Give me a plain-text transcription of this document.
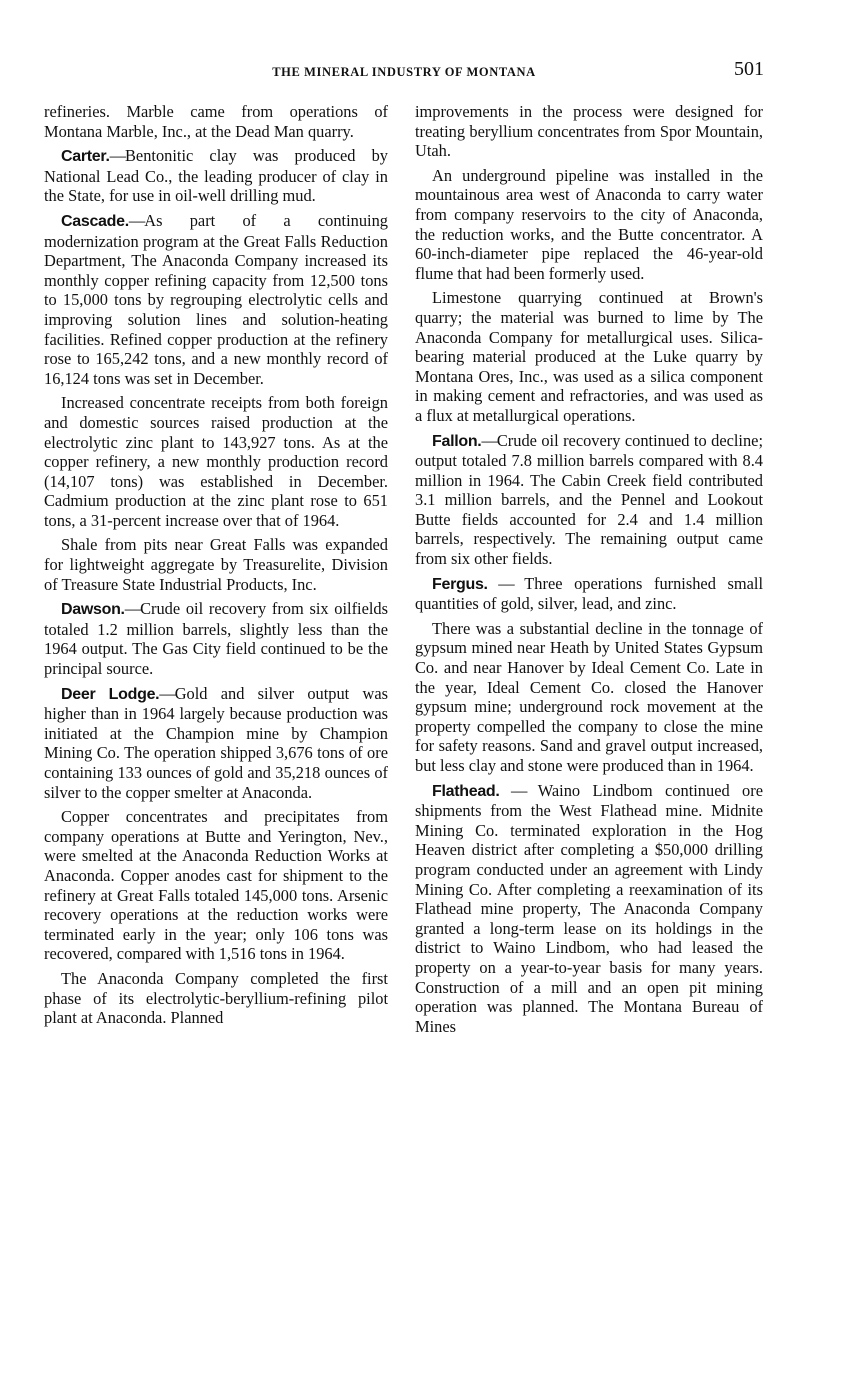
THE MINERAL INDUSTRY OF MONTANA	501

refineries. Marble came from operations of Montana Marble, Inc., at the Dead Man quarry.

Carter.—Bentonitic clay was produced by National Lead Co., the leading producer of clay in the State, for use in oil-well drilling mud.

Cascade.—As part of a continuing modernization program at the Great Falls Reduction Department, The Anaconda Company increased its monthly copper refining capacity from 12,500 tons to 15,000 tons by regrouping electrolytic cells and improving solution lines and solution-heating facilities. Refined copper production at the refinery rose to 165,242 tons, and a new monthly record of 16,124 tons was set in December.

Increased concentrate receipts from both foreign and domestic sources raised production at the electrolytic zinc plant to 143,927 tons. As at the copper refinery, a new monthly production record (14,107 tons) was established in December. Cadmium production at the zinc plant rose to 651 tons, a 31-percent increase over that of 1964.

Shale from pits near Great Falls was expanded for lightweight aggregate by Treasurelite, Division of Treasure State Industrial Products, Inc.

Dawson.—Crude oil recovery from six oilfields totaled 1.2 million barrels, slightly less than the 1964 output. The Gas City field continued to be the principal source.

Deer Lodge.—Gold and silver output was higher than in 1964 largely because production was initiated at the Champion mine by Champion Mining Co. The operation shipped 3,676 tons of ore containing 133 ounces of gold and 35,218 ounces of silver to the copper smelter at Anaconda.

Copper concentrates and precipitates from company operations at Butte and Yerington, Nev., were smelted at the Anaconda Reduction Works at Anaconda. Copper anodes cast for shipment to the refinery at Great Falls totaled 145,000 tons. Arsenic recovery operations at the reduction works were terminated early in the year; only 106 tons was recovered, compared with 1,516 tons in 1964.

The Anaconda Company completed the first phase of its electrolytic-beryllium-refining pilot plant at Anaconda. Planned

improvements in the process were designed for treating beryllium concentrates from Spor Mountain, Utah.

An underground pipeline was installed in the mountainous area west of Anaconda to carry water from company reservoirs to the city of Anaconda, the reduction works, and the Butte concentrator. A 60-inch-diameter pipe replaced the 46-year-old flume that had been formerly used.

Limestone quarrying continued at Brown's quarry; the material was burned to lime by The Anaconda Company for metallurgical uses. Silica-bearing material produced at the Luke quarry by Montana Ores, Inc., was used as a silica component in making cement and refractories, and was used as a flux at metallurgical operations.

Fallon.—Crude oil recovery continued to decline; output totaled 7.8 million barrels compared with 8.4 million in 1964. The Cabin Creek field contributed 3.1 million barrels, and the Pennel and Lookout Butte fields accounted for 2.4 and 1.4 million barrels, respectively. The remaining output came from six other fields.

Fergus. — Three operations furnished small quantities of gold, silver, lead, and zinc.

There was a substantial decline in the tonnage of gypsum mined near Heath by United States Gypsum Co. and near Hanover by Ideal Cement Co. Late in the year, Ideal Cement Co. closed the Hanover gypsum mine; underground rock movement at the property compelled the company to close the mine for safety reasons. Sand and gravel output increased, but less clay and stone were produced than in 1964.

Flathead. — Waino Lindbom continued ore shipments from the West Flathead mine. Midnite Mining Co. terminated exploration in the Hog Heaven district after completing a $50,000 drilling program conducted under an agreement with Lindy Mining Co. After completing a reexamination of its Flathead mine property, The Anaconda Company granted a long-term lease on its holdings in the district to Waino Lindbom, who had leased the property on a year-to-year basis for many years. Construction of a mill and an open pit mining operation was planned. The Montana Bureau of Mines
